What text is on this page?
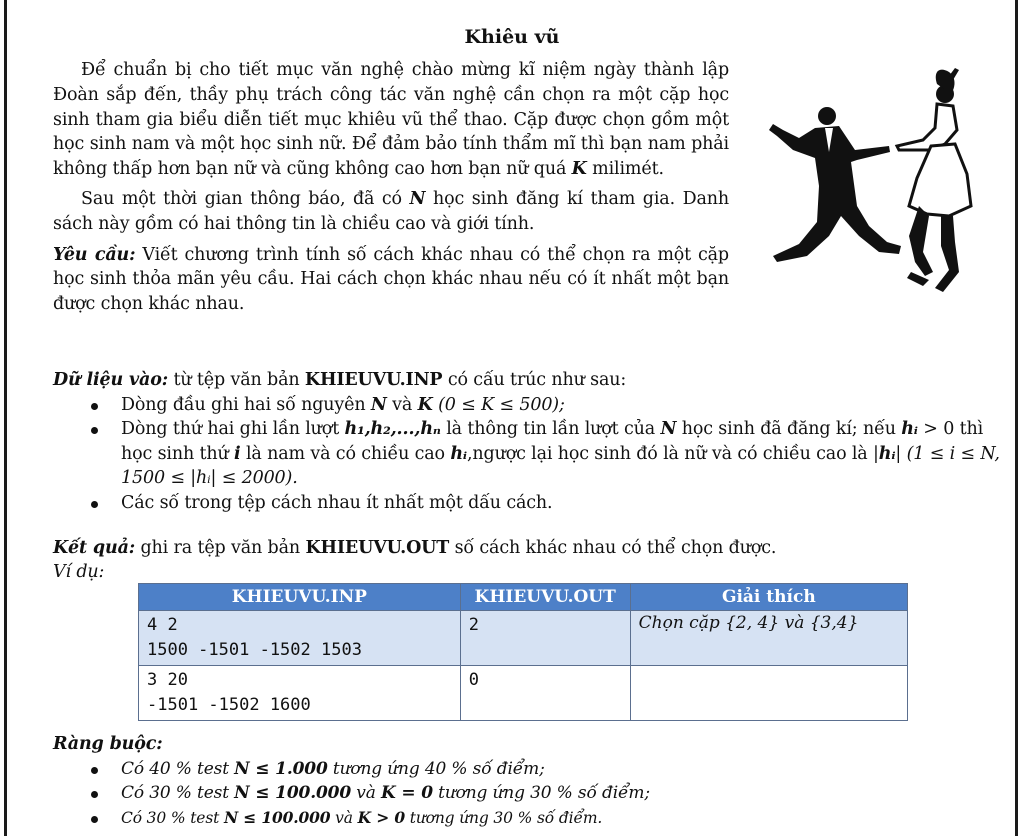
Khiêu vũ

Để chuẩn bị cho tiết mục văn nghệ chào mừng kĩ niệm ngày thành lập Đoàn sắp đến, thầy phụ trách công tác văn nghệ cần chọn ra một cặp học sinh tham gia biểu diễn tiết mục khiêu vũ thể thao. Cặp được chọn gồm một học sinh nam và một học sinh nữ. Để đảm bảo tính thẩm mĩ thì bạn nam phải không thấp hơn bạn nữ và cũng không cao hơn bạn nữ quá K milimét.

Sau một thời gian thông báo, đã có N học sinh đăng kí tham gia. Danh sách này gồm có hai thông tin là chiều cao và giới tính.

Yêu cầu: Viết chương trình tính số cách khác nhau có thể chọn ra một cặp học sinh thỏa mãn yêu cầu. Hai cách chọn khác nhau nếu có ít nhất một bạn được chọn khác nhau.

Dữ liệu vào: từ tệp văn bản KHIEUVU.INP có cấu trúc như sau:
Dòng đầu ghi hai số nguyên N và K (0 ≤ K ≤ 500);
Dòng thứ hai ghi lần lượt h₁,h₂,...,hₙ là thông tin lần lượt của N học sinh đã đăng kí; nếu hᵢ > 0 thì học sinh thứ i là nam và có chiều cao hᵢ,ngược lại học sinh đó là nữ và có chiều cao là |hᵢ| (1 ≤ i ≤ N, 1500 ≤ |hᵢ| ≤ 2000).
Các số trong tệp cách nhau ít nhất một dấu cách.
Kết quả: ghi ra tệp văn bản KHIEUVU.OUT số cách khác nhau có thể chọn được.
Ví dụ:
KHIEUVU.INP	KHIEUVU.OUT	Giải thích
4 2
1500 -1501 -1502 1503	2	Chọn cặp {2, 4} và {3,4}
3 20
-1501 -1502 1600	0	
Ràng buộc:
Có 40 % test N ≤ 1.000 tương ứng 40 % số điểm;
Có 30 % test N ≤ 100.000 và K = 0 tương ứng 30 % số điểm;
Có 30 % test N ≤ 100.000 và K > 0 tương ứng 30 % số điểm.
